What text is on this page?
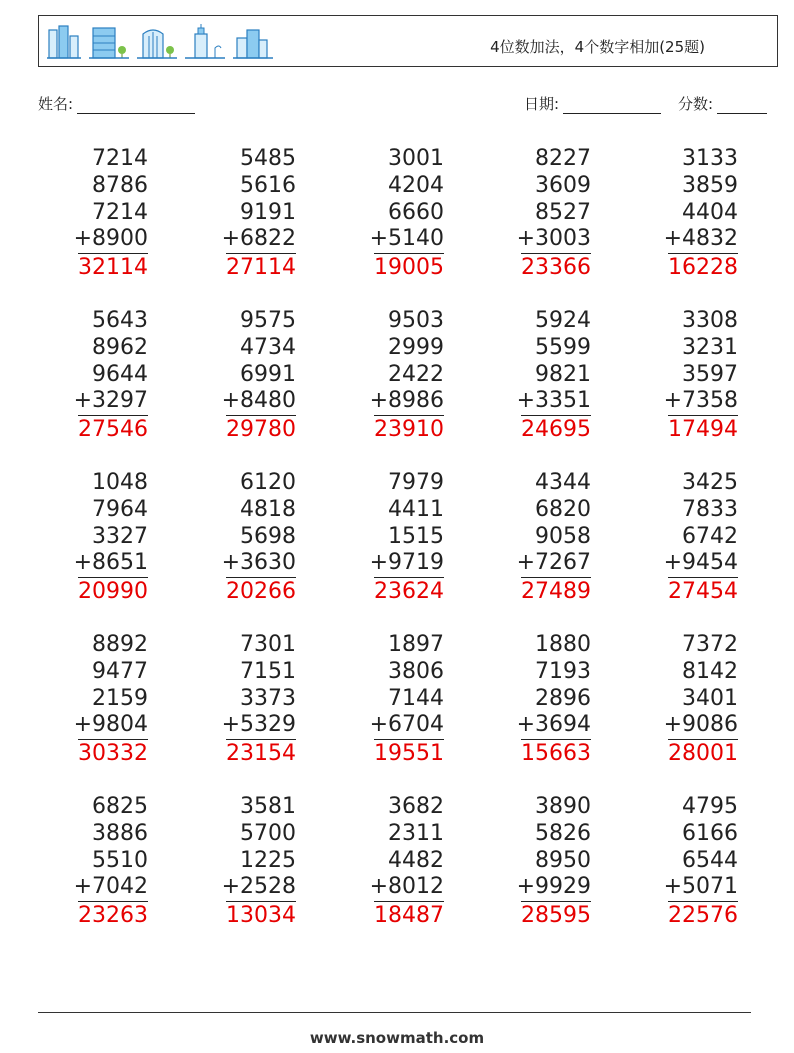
4位数加法，4个数字相加(25题)
姓名:	日期:	分数:
7214
8786
7214
+8900
32114
5485
5616
9191
+6822
27114
3001
4204
6660
+5140
19005
8227
3609
8527
+3003
23366
3133
3859
4404
+4832
16228
5643
8962
9644
+3297
27546
9575
4734
6991
+8480
29780
9503
2999
2422
+8986
23910
5924
5599
9821
+3351
24695
3308
3231
3597
+7358
17494
1048
7964
3327
+8651
20990
6120
4818
5698
+3630
20266
7979
4411
1515
+9719
23624
4344
6820
9058
+7267
27489
3425
7833
6742
+9454
27454
8892
9477
2159
+9804
30332
7301
7151
3373
+5329
23154
1897
3806
7144
+6704
19551
1880
7193
2896
+3694
15663
7372
8142
3401
+9086
28001
6825
3886
5510
+7042
23263
3581
5700
1225
+2528
13034
3682
2311
4482
+8012
18487
3890
5826
8950
+9929
28595
4795
6166
6544
+5071
22576
www.snowmath.com
